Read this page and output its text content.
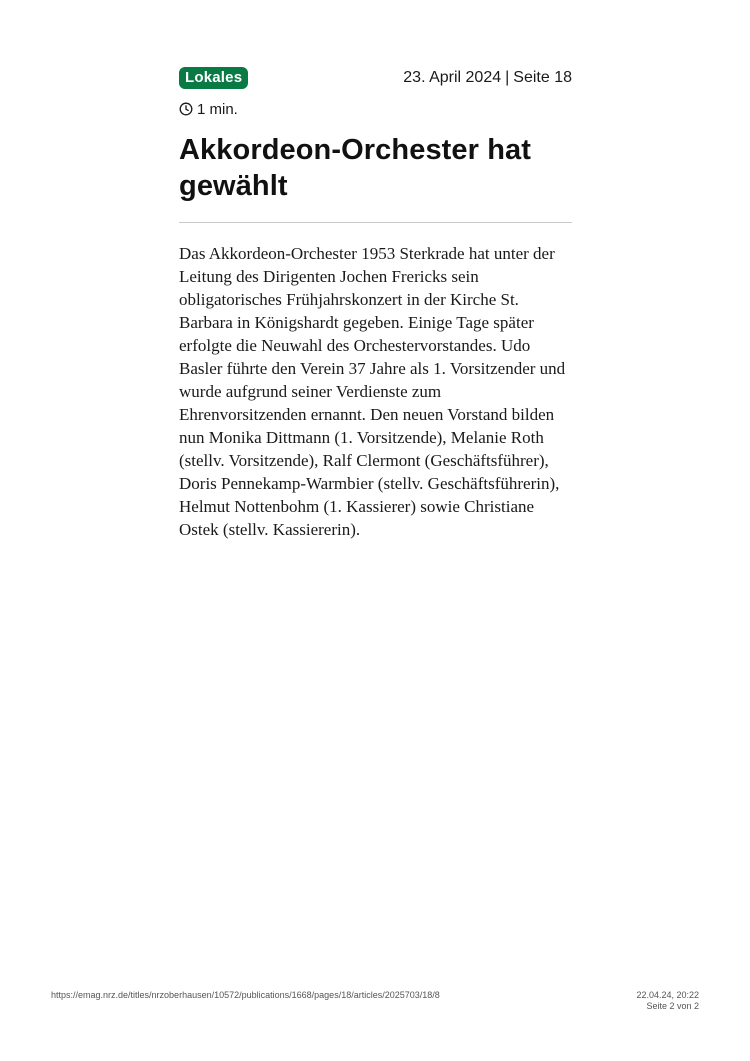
Lokales	23. April 2024 | Seite 18
1 min.
Akkordeon-Orchester hat gewählt

Das Akkordeon-Orchester 1953 Sterkrade hat unter der Leitung des Dirigenten Jochen Frericks sein obligatorisches Frühjahrskonzert in der Kirche St. Barbara in Königshardt gegeben. Einige Tage später erfolgte die Neuwahl des Orchestervorstandes. Udo Basler führte den Verein 37 Jahre als 1. Vorsitzender und wurde aufgrund seiner Verdienste zum Ehrenvorsitzenden ernannt. Den neuen Vorstand bilden nun Monika Dittmann (1. Vorsitzende), Melanie Roth (stellv. Vorsitzende), Ralf Clermont (Geschäftsführer), Doris Pennekamp-Warmbier (stellv. Geschäftsführerin), Helmut Nottenbohm (1. Kassierer) sowie Christiane Ostek (stellv. Kassiererin).

https://emag.nrz.de/titles/nrzoberhausen/10572/publications/1668/pages/18/articles/2025703/18/8	22.04.24, 20:22
Seite 2 von 2
